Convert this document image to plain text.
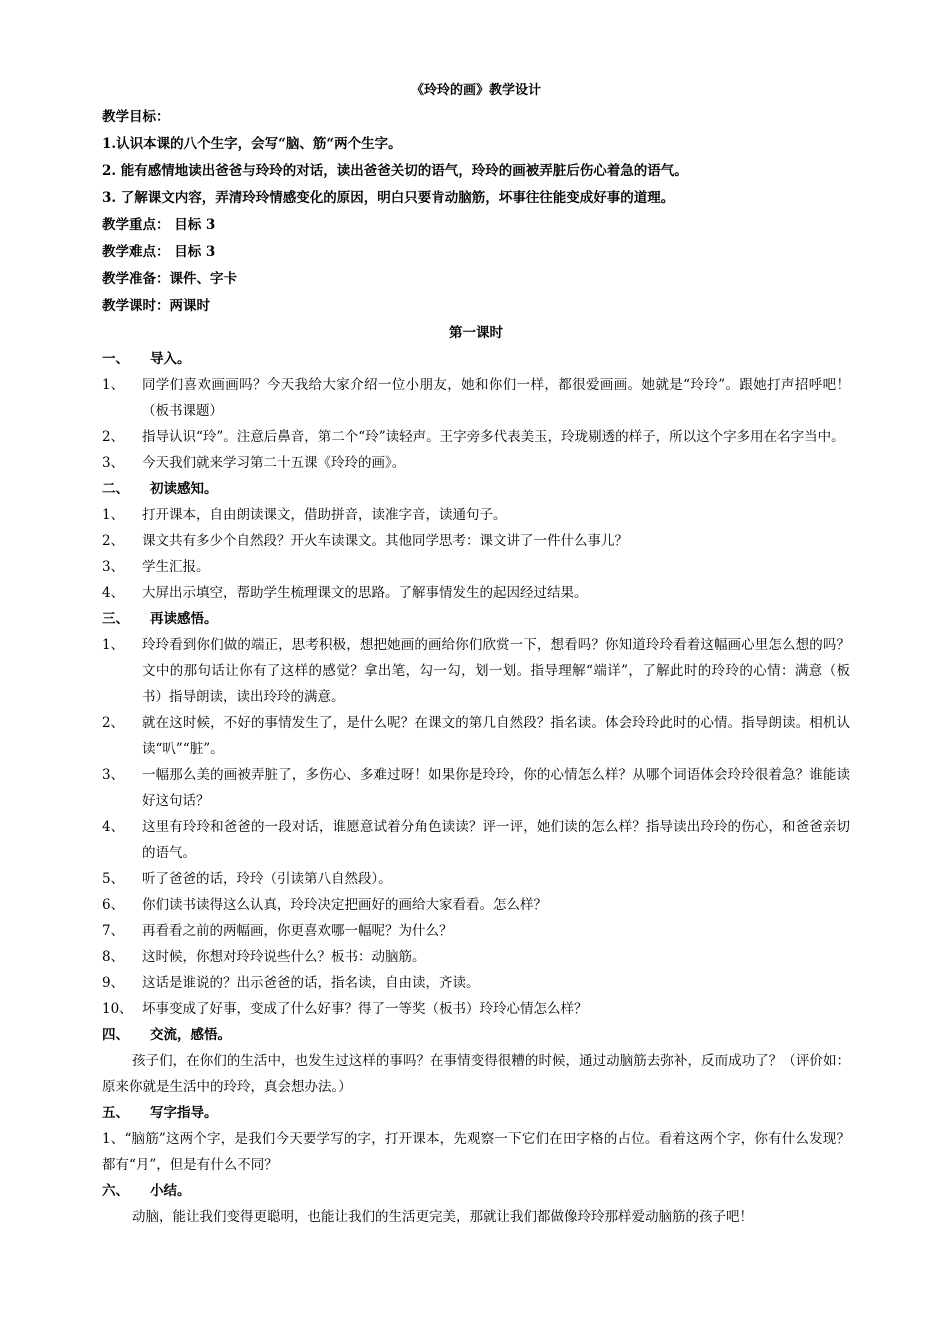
《玲玲的画》教学设计
教学目标：
1.认识本课的八个生字，会写“脑、筋“两个生字。
2. 能有感情地读出爸爸与玲玲的对话，读出爸爸关切的语气，玲玲的画被弄脏后伤心着急的语气。
3. 了解课文内容，弄清玲玲情感变化的原因，明白只要肯动脑筋，坏事往往能变成好事的道理。
教学重点： 目标 3
教学难点： 目标 3
教学准备：课件、字卡
教学课时：两课时
第一课时
一、	导入。
1、	同学们喜欢画画吗？今天我给大家介绍一位小朋友，她和你们一样，都很爱画画。她就是“玲玲”。跟她打声招呼吧！（板书课题）
2、	指导认识“玲”。注意后鼻音，第二个“玲”读轻声。王字旁多代表美玉，玲珑剔透的样子，所以这个字多用在名字当中。
3、	今天我们就来学习第二十五课《玲玲的画》。
二、	初读感知。
1、	打开课本，自由朗读课文，借助拼音，读准字音，读通句子。
2、	课文共有多少个自然段？开火车读课文。其他同学思考：课文讲了一件什么事儿？
3、	学生汇报。
4、	大屏出示填空，帮助学生梳理课文的思路。了解事情发生的起因经过结果。
三、	再读感悟。
1、	玲玲看到你们做的端正，思考积极，想把她画的画给你们欣赏一下，想看吗？你知道玲玲看着这幅画心里怎么想的吗？文中的那句话让你有了这样的感觉？拿出笔，勾一勾，划一划。指导理解“端详”，了解此时的玲玲的心情：满意（板书）指导朗读，读出玲玲的满意。
2、	就在这时候，不好的事情发生了，是什么呢？在课文的第几自然段？指名读。体会玲玲此时的心情。指导朗读。相机认读“叭”“脏”。
3、	一幅那么美的画被弄脏了，多伤心、多难过呀！如果你是玲玲，你的心情怎么样？从哪个词语体会玲玲很着急？谁能读好这句话？
4、	这里有玲玲和爸爸的一段对话，谁愿意试着分角色读读？评一评，她们读的怎么样？指导读出玲玲的伤心，和爸爸亲切的语气。
5、	听了爸爸的话，玲玲（引读第八自然段）。
6、	你们读书读得这么认真，玲玲决定把画好的画给大家看看。怎么样？
7、	再看看之前的两幅画，你更喜欢哪一幅呢？为什么？
8、	这时候，你想对玲玲说些什么？板书：动脑筋。
9、	这话是谁说的？出示爸爸的话，指名读，自由读，齐读。
10、 坏事变成了好事，变成了什么好事？得了一等奖（板书）玲玲心情怎么样？
四、	交流，感悟。
孩子们，在你们的生活中，也发生过这样的事吗？在事情变得很糟的时候，通过动脑筋去弥补，反而成功了？（评价如：原来你就是生活中的玲玲，真会想办法。）
五、	写字指导。
1、“脑筋”这两个字，是我们今天要学写的字，打开课本，先观察一下它们在田字格的占位。看着这两个字，你有什么发现？都有“月”，但是有什么不同？
六、	小结。
动脑，能让我们变得更聪明，也能让我们的生活更完美，那就让我们都做像玲玲那样爱动脑筋的孩子吧！
